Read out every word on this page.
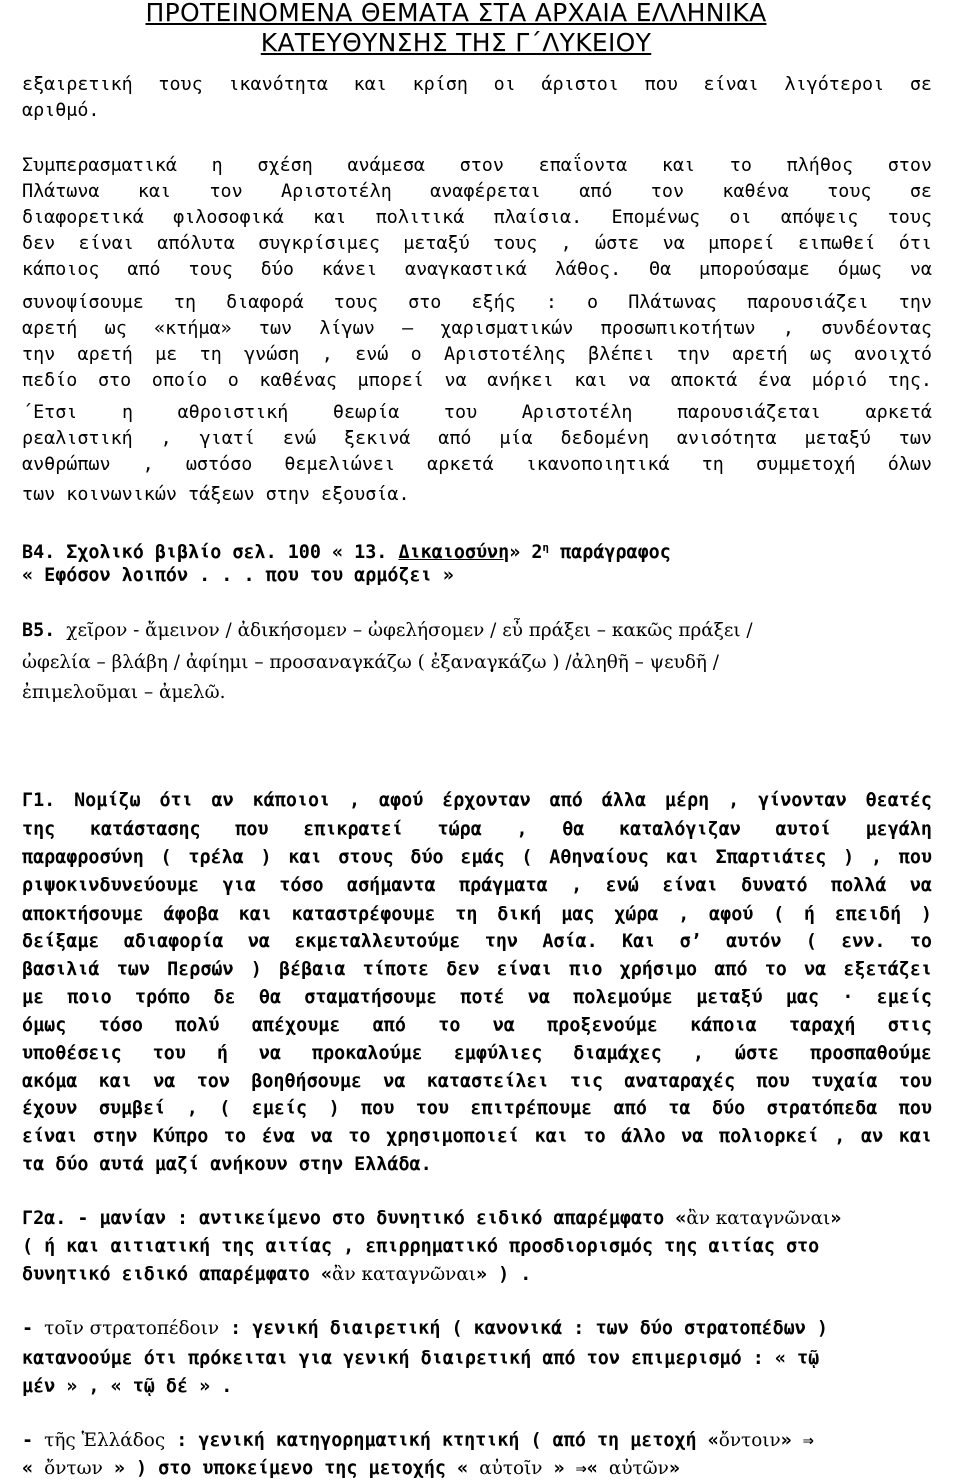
ΠΡΟΤΕΙΝΟΜΕΝΑ ΘΕΜΑΤΑ ΣΤΑ ΑΡΧΑΙΑ ΕΛΛΗΝΙΚΑ
ΚΑΤΕΥΘΥΝΣΗΣ ΤΗΣ Γ΄ΛΥΚΕΙΟΥ
εξαιρετική τους ικανότητα και κρίση οι άριστοι που είναι λιγότεροι σε
αριθμό.
Συμπερασματικά η σχέση ανάμεσα στον επαΐοντα και το πλήθος στον
Πλάτωνα και τον Αριστοτέλη αναφέρεται από τον καθένα τους σε
διαφορετικά φιλοσοφικά και πολιτικά πλαίσια. Επομένως οι απόψεις τους
δεν είναι απόλυτα συγκρίσιμες μεταξύ τους , ώστε να μπορεί ειπωθεί ότι
κάποιος από τους δύο κάνει αναγκαστικά λάθος. Θα μπορούσαμε όμως να
συνοψίσουμε τη διαφορά τους στο εξής : ο Πλάτωνας παρουσιάζει την
αρετή ως «κτήμα» των λίγων – χαρισματικών προσωπικοτήτων , συνδέοντας
την αρετή με τη γνώση , ενώ ο Αριστοτέλης βλέπει την αρετή ως ανοιχτό
πεδίο στο οποίο ο καθένας μπορεί να ανήκει και να αποκτά ένα μόριό της.
΄Ετσι η αθροιστική θεωρία του Αριστοτέλη παρουσιάζεται αρκετά
ρεαλιστική , γιατί ενώ ξεκινά από μία δεδομένη ανισότητα μεταξύ των
ανθρώπων , ωστόσο θεμελιώνει αρκετά ικανοποιητικά τη συμμετοχή όλων
των κοινωνικών τάξεων στην εξουσία.
Β4. Σχολικό βιβλίο σελ. 100 « 13. Δικαιοσύνη» $2^\eta$ παράγραφος
« Εφόσον λοιπόν . . . που του αρμόζει »
Β5. χεῖρον - ἄμεινον / ἀδικήσομεν – ὠφελήσομεν / εὖ πράξει – κακῶς πράξει /
ὠφελία – βλάβη / ἀφίημι – προσαναγκάζω ( ἐξαναγκάζω ) /ἀληθῆ – ψευδῆ /
ἐπιμελοῦμαι – ἀμελῶ.
Γ1. Νομίζω ότι αν κάποιοι , αφού έρχονταν από άλλα μέρη , γίνονταν θεατές
της κατάστασης που επικρατεί τώρα , θα καταλόγιζαν αυτοί μεγάλη
παραφροσύνη ( τρέλα ) και στους δύο εμάς ( Αθηναίους και Σπαρτιάτες ) , που
ριψοκινδυνεύουμε για τόσο ασήμαντα πράγματα , ενώ είναι δυνατό πολλά να
αποκτήσουμε άφοβα και καταστρέφουμε τη δική μας χώρα , αφού ( ή επειδή )
δείξαμε αδιαφορία να εκμεταλλευτούμε την Ασία. Και σ’ αυτόν ( ενν. το
βασιλιά των Περσών ) βέβαια τίποτε δεν είναι πιο χρήσιμο από το να εξετάζει
με ποιο τρόπο δε θα σταματήσουμε ποτέ να πολεμούμε μεταξύ μας · εμείς
όμως τόσο πολύ απέχουμε από το να προξενούμε κάποια ταραχή στις
υποθέσεις του ή να προκαλούμε εμφύλιες διαμάχες , ώστε προσπαθούμε
ακόμα και να τον βοηθήσουμε να καταστείλει τις αναταραχές που τυχαία του
έχουν συμβεί , ( εμείς ) που του επιτρέπουμε από τα δύο στρατόπεδα που
είναι στην Κύπρο το ένα να το χρησιμοποιεί και το άλλο να πολιορκεί , αν και
τα δύο αυτά μαζί ανήκουν στην Ελλάδα.
Γ2α. - μανίαν : αντικείμενο στο δυνητικό ειδικό απαρέμφατο «ἂν καταγνῶναι»
( ή και αιτιατική της αιτίας , επιρρηματικό προσδιορισμός της αιτίας στο
δυνητικό ειδικό απαρέμφατο «ἂν καταγνῶναι» ) .
- τοῖν στρατοπέδοιν : γενική διαιρετική ( κανονικά : των δύο στρατοπέδων )
κατανοούμε ότι πρόκειται για γενική διαιρετική από τον επιμερισμό : « τῷ
μέν » , « τῷ δέ » .
- τῆς Ἑλλάδος : γενική κατηγορηματική κτητική ( από τη μετοχή «ὄντοιν» ⇒
« ὄντων » ) στο υποκείμενο της μετοχής « αὐτοῖν » ⇒« αὐτῶν»
